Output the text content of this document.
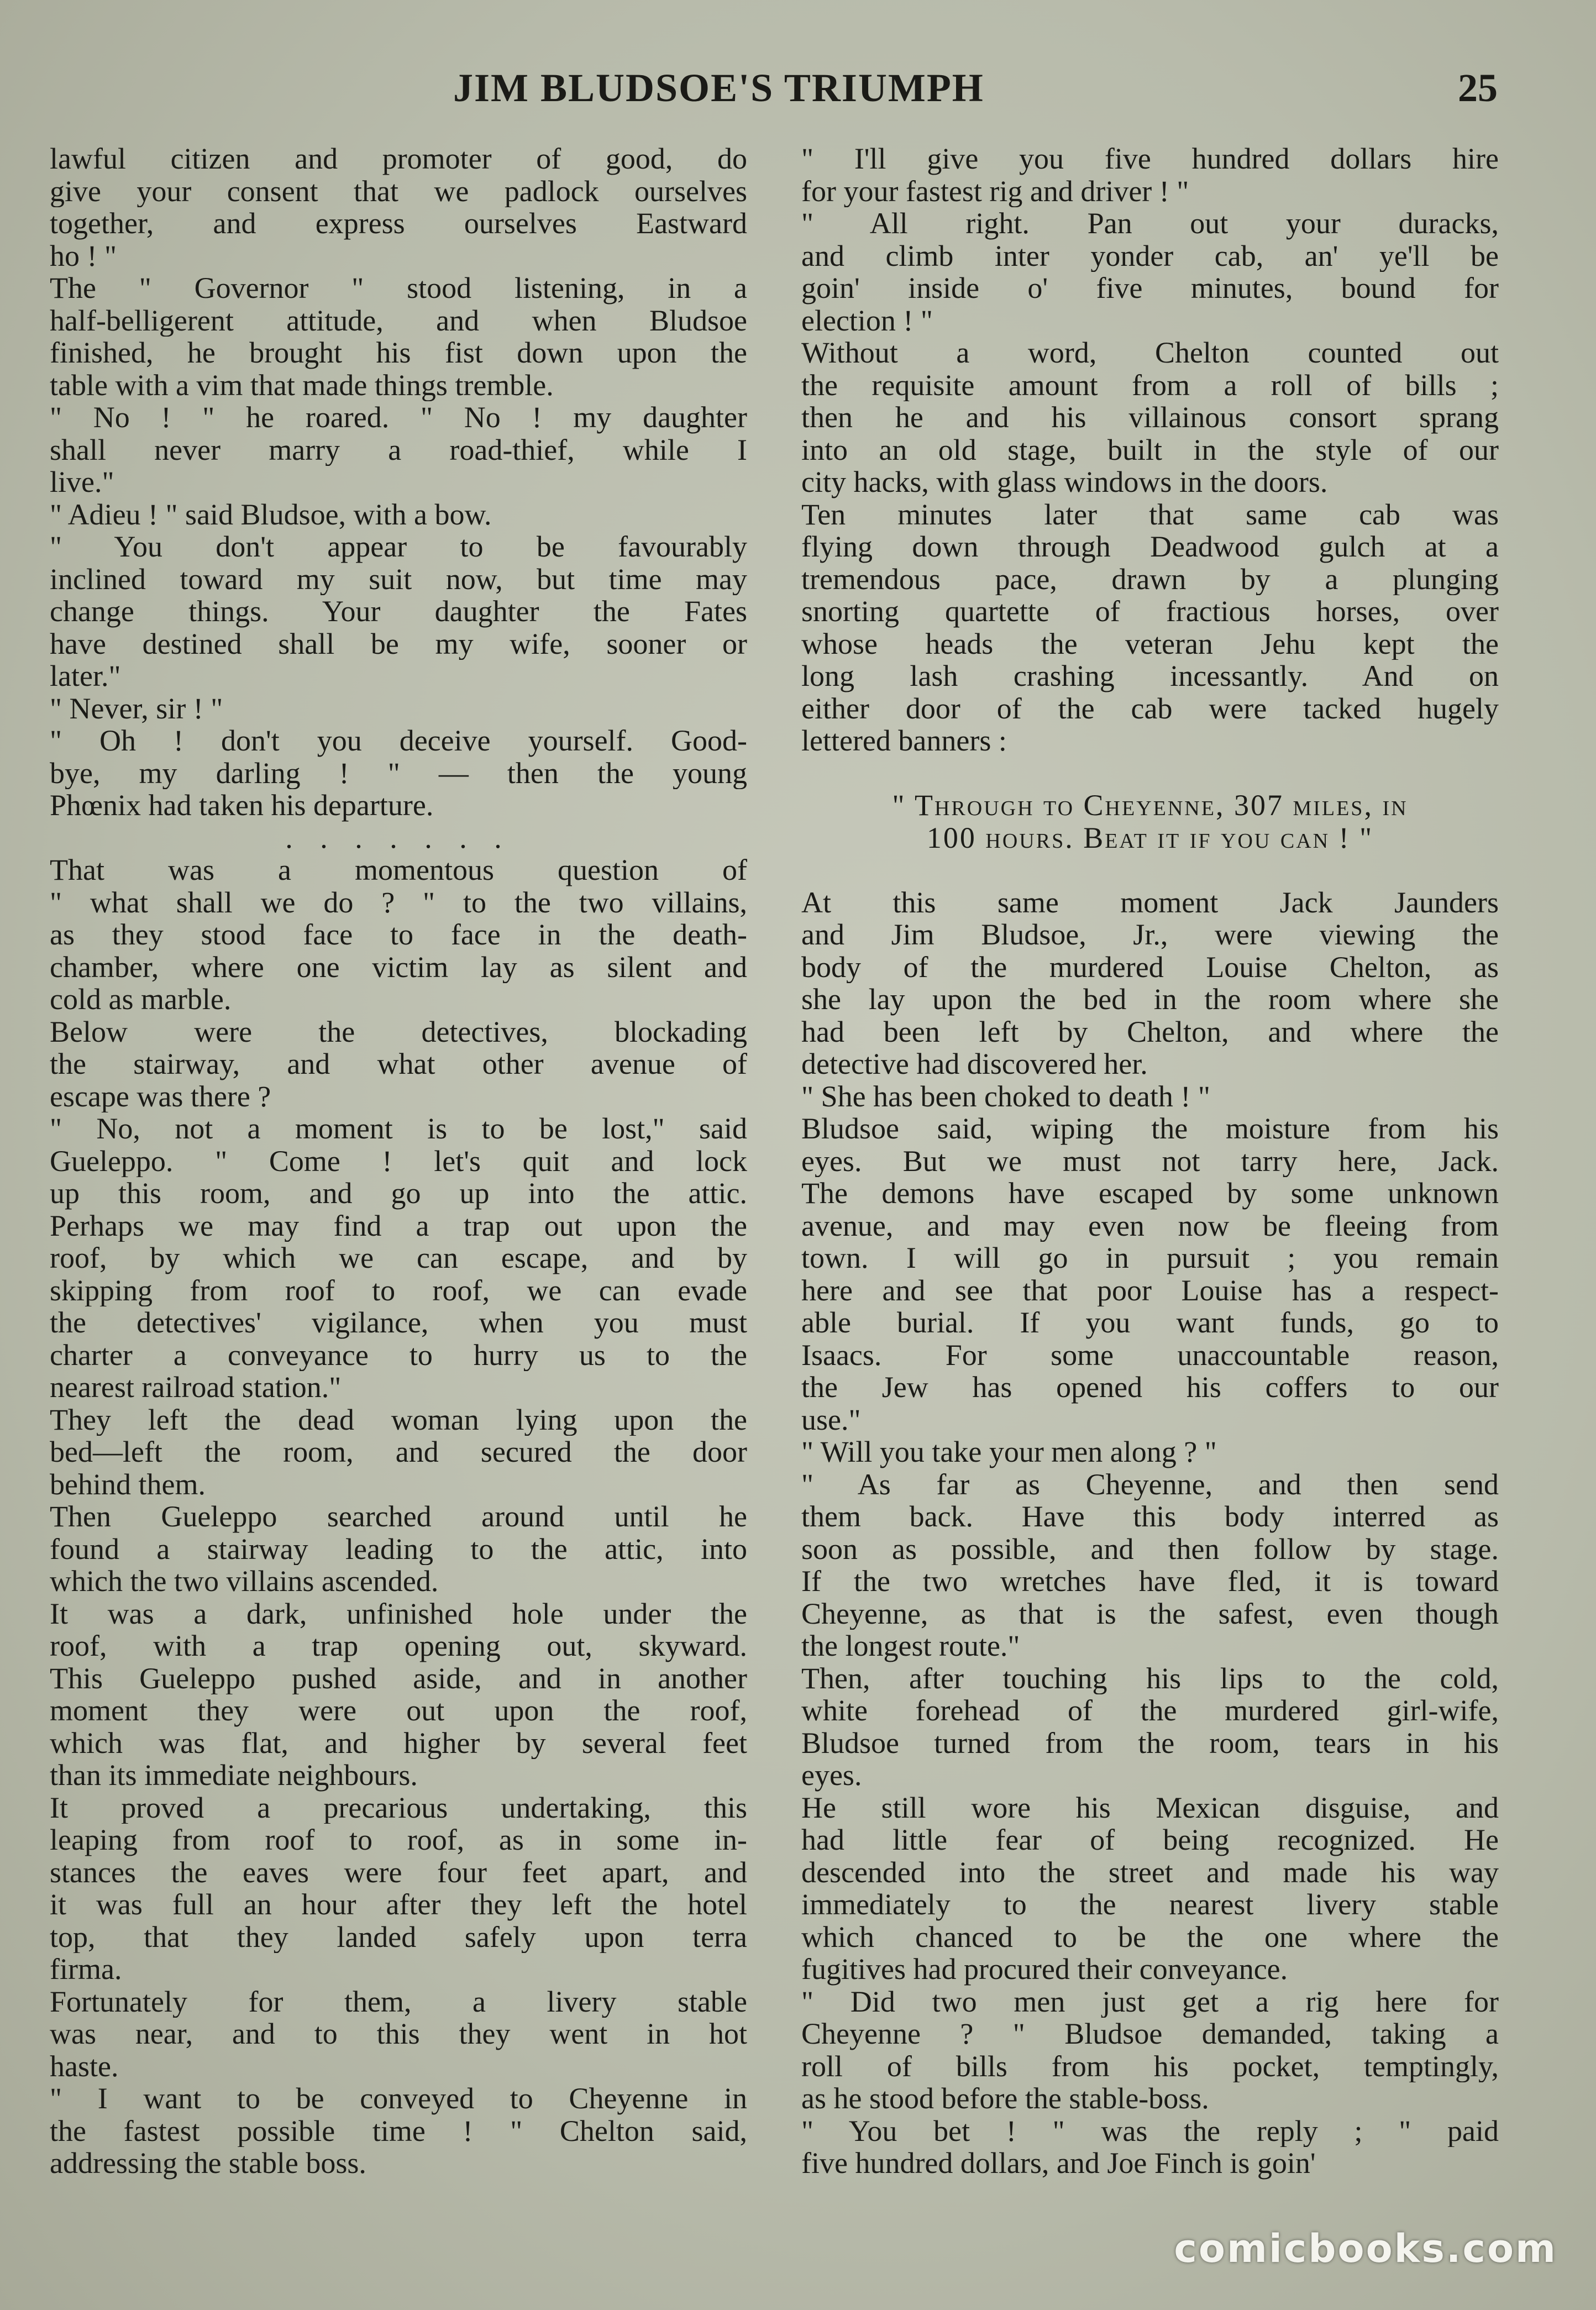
JIM BLUDSOE'S TRIUMPH	25
lawful citizen and promoter of good, do
give your consent that we padlock ourselves
together, and express ourselves Eastward
ho ! "
The " Governor " stood listening, in a
half-belligerent attitude, and when Bludsoe
finished, he brought his fist down upon the
table with a vim that made things tremble.
" No ! " he roared. " No ! my daughter
shall never marry a road-thief, while I
live."
" Adieu ! " said Bludsoe, with a bow.
" You don't appear to be favourably
inclined toward my suit now, but time may
change things. Your daughter the Fates
have destined shall be my wife, sooner or
later."
" Never, sir ! "
" Oh ! don't you deceive yourself. Good-
bye, my darling ! " — then the young
Phœnix had taken his departure.
. . . . . . .
That was a momentous question of
" what shall we do ? " to the two villains,
as they stood face to face in the death-
chamber, where one victim lay as silent and
cold as marble.
Below were the detectives, blockading
the stairway, and what other avenue of
escape was there ?
" No, not a moment is to be lost," said
Gueleppo. " Come ! let's quit and lock
up this room, and go up into the attic.
Perhaps we may find a trap out upon the
roof, by which we can escape, and by
skipping from roof to roof, we can evade
the detectives' vigilance, when you must
charter a conveyance to hurry us to the
nearest railroad station."
They left the dead woman lying upon the
bed—left the room, and secured the door
behind them.
Then Gueleppo searched around until he
found a stairway leading to the attic, into
which the two villains ascended.
It was a dark, unfinished hole under the
roof, with a trap opening out, skyward.
This Gueleppo pushed aside, and in another
moment they were out upon the roof,
which was flat, and higher by several feet
than its immediate neighbours.
It proved a precarious undertaking, this
leaping from roof to roof, as in some in-
stances the eaves were four feet apart, and
it was full an hour after they left the hotel
top, that they landed safely upon terra
firma.
Fortunately for them, a livery stable
was near, and to this they went in hot
haste.
" I want to be conveyed to Cheyenne in
the fastest possible time ! " Chelton said,
addressing the stable boss.
" I'll give you five hundred dollars hire
for your fastest rig and driver ! "
" All right. Pan out your duracks,
and climb inter yonder cab, an' ye'll be
goin' inside o' five minutes, bound for
election ! "
Without a word, Chelton counted out
the requisite amount from a roll of bills ;
then he and his villainous consort sprang
into an old stage, built in the style of our
city hacks, with glass windows in the doors.
Ten minutes later that same cab was
flying down through Deadwood gulch at a
tremendous pace, drawn by a plunging
snorting quartette of fractious horses, over
whose heads the veteran Jehu kept the
long lash crashing incessantly. And on
either door of the cab were tacked hugely
lettered banners :
" Through to Cheyenne, 307 miles, in
100 hours. Beat it if you can ! "
At this same moment Jack Jaunders
and Jim Bludsoe, Jr., were viewing the
body of the murdered Louise Chelton, as
she lay upon the bed in the room where she
had been left by Chelton, and where the
detective had discovered her.
" She has been choked to death ! "
Bludsoe said, wiping the moisture from his
eyes. But we must not tarry here, Jack.
The demons have escaped by some unknown
avenue, and may even now be fleeing from
town. I will go in pursuit ; you remain
here and see that poor Louise has a respect-
able burial. If you want funds, go to
Isaacs. For some unaccountable reason,
the Jew has opened his coffers to our
use."
" Will you take your men along ? "
" As far as Cheyenne, and then send
them back. Have this body interred as
soon as possible, and then follow by stage.
If the two wretches have fled, it is toward
Cheyenne, as that is the safest, even though
the longest route."
Then, after touching his lips to the cold,
white forehead of the murdered girl-wife,
Bludsoe turned from the room, tears in his
eyes.
He still wore his Mexican disguise, and
had little fear of being recognized. He
descended into the street and made his way
immediately to the nearest livery stable
which chanced to be the one where the
fugitives had procured their conveyance.
" Did two men just get a rig here for
Cheyenne ? " Bludsoe demanded, taking a
roll of bills from his pocket, temptingly,
as he stood before the stable-boss.
" You bet ! " was the reply ; " paid
five hundred dollars, and Joe Finch is goin'
comicbooks.com
